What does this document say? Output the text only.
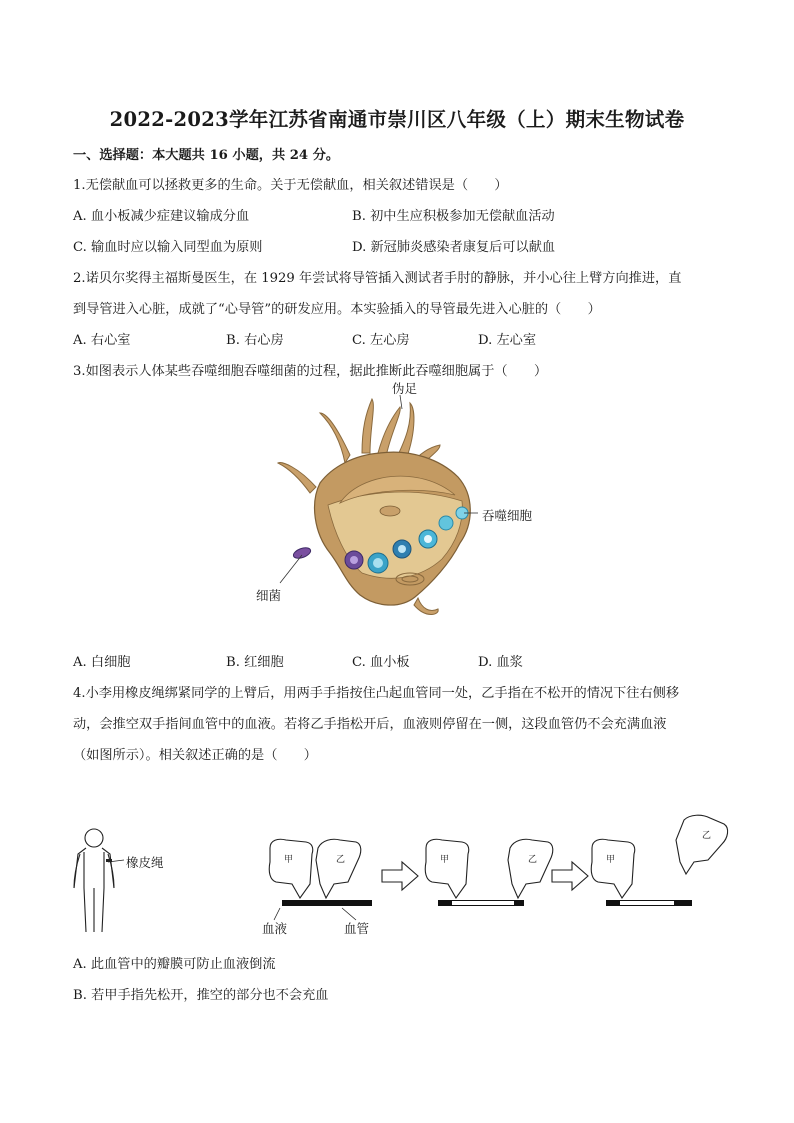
2022-2023学年江苏省南通市崇川区八年级（上）期末生物试卷
一、选择题：本大题共 16 小题，共 24 分。
1.无偿献血可以拯救更多的生命。关于无偿献血，相关叙述错误是（　　）
A. 血小板减少症建议输成分血	B. 初中生应积极参加无偿献血活动
C. 输血时应以输入同型血为原则	D. 新冠肺炎感染者康复后可以献血
2.诺贝尔奖得主福斯曼医生，在 1929 年尝试将导管插入测试者手肘的静脉，并小心往上臂方向推进，直
到导管进入心脏，成就了“心导管”的研发应用。本实验插入的导管最先进入心脏的（　　）
A. 右心室	B. 右心房	C. 左心房	D. 左心室
3.如图表示人体某些吞噬细胞吞噬细菌的过程，据此推断此吞噬细胞属于（　　）
伪足
吞噬细胞
细菌
A. 白细胞	B. 红细胞	C. 血小板	D. 血浆
4.小李用橡皮绳绑紧同学的上臂后，用两手手指按住凸起血管同一处，乙手指在不松开的情况下往右侧移
动，会推空双手指间血管中的血液。若将乙手指松开后，血液则停留在一侧，这段血管仍不会充满血液
（如图所示）。相关叙述正确的是（　　）
橡皮绳	甲	乙	甲	乙	甲
乙
血液	血管
A. 此血管中的瓣膜可防止血液倒流
B. 若甲手指先松开，推空的部分也不会充血
